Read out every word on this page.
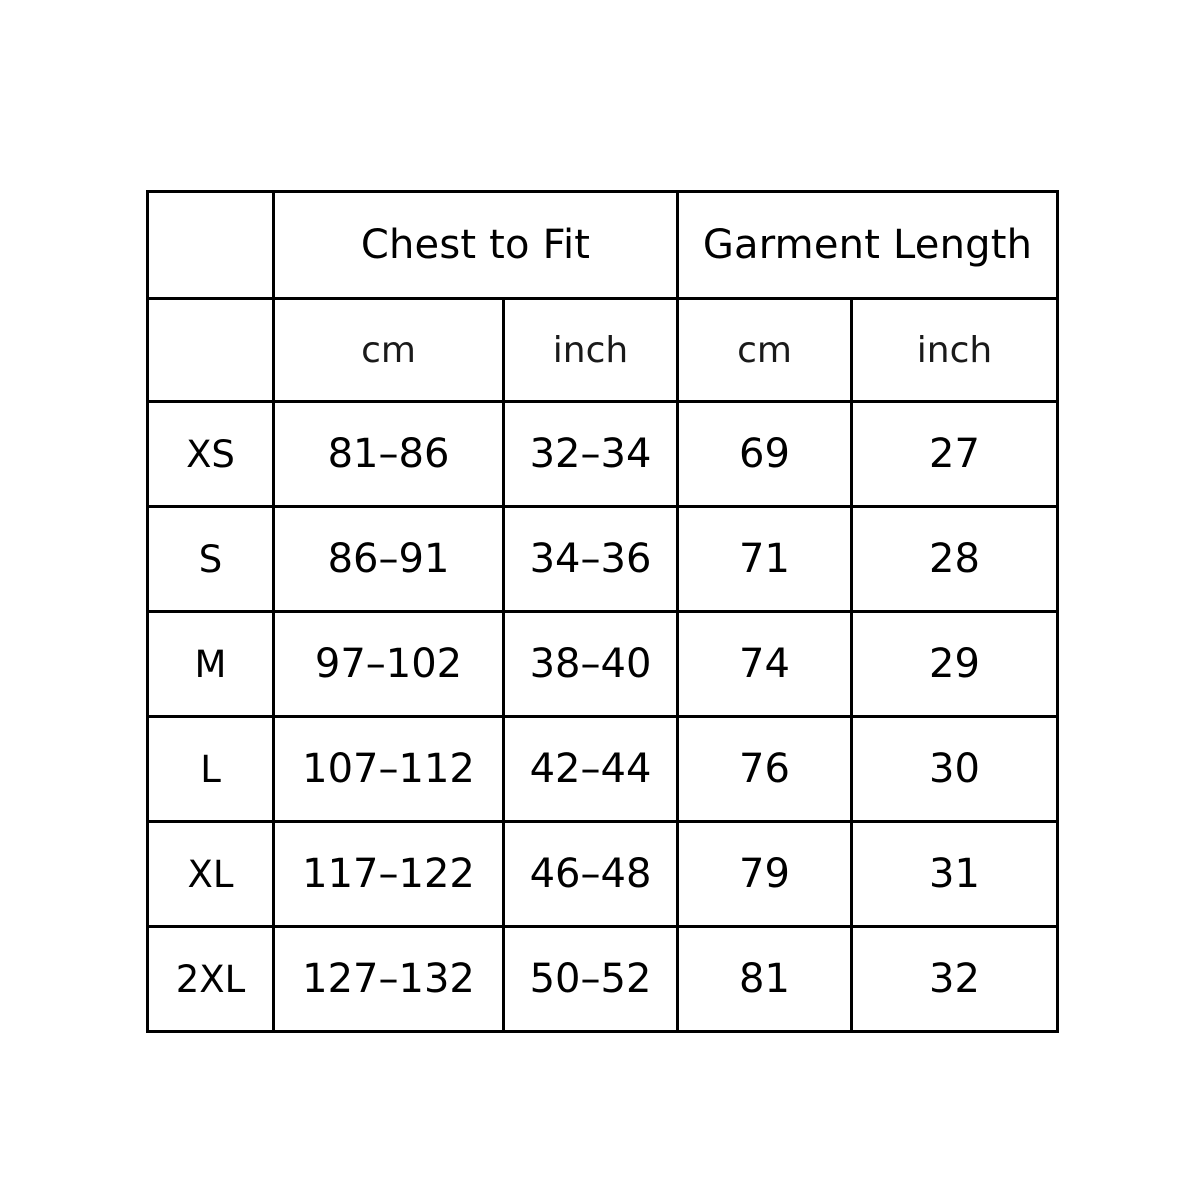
	Chest to Fit		Garment Length	
	cm	inch	cm	inch
XS	81–86	32–34	69	27
S	86–91	34–36	71	28
M	97–102	38–40	74	29
L	107–112	42–44	76	30
XL	117–122	46–48	79	31
2XL	127–132	50–52	81	32
